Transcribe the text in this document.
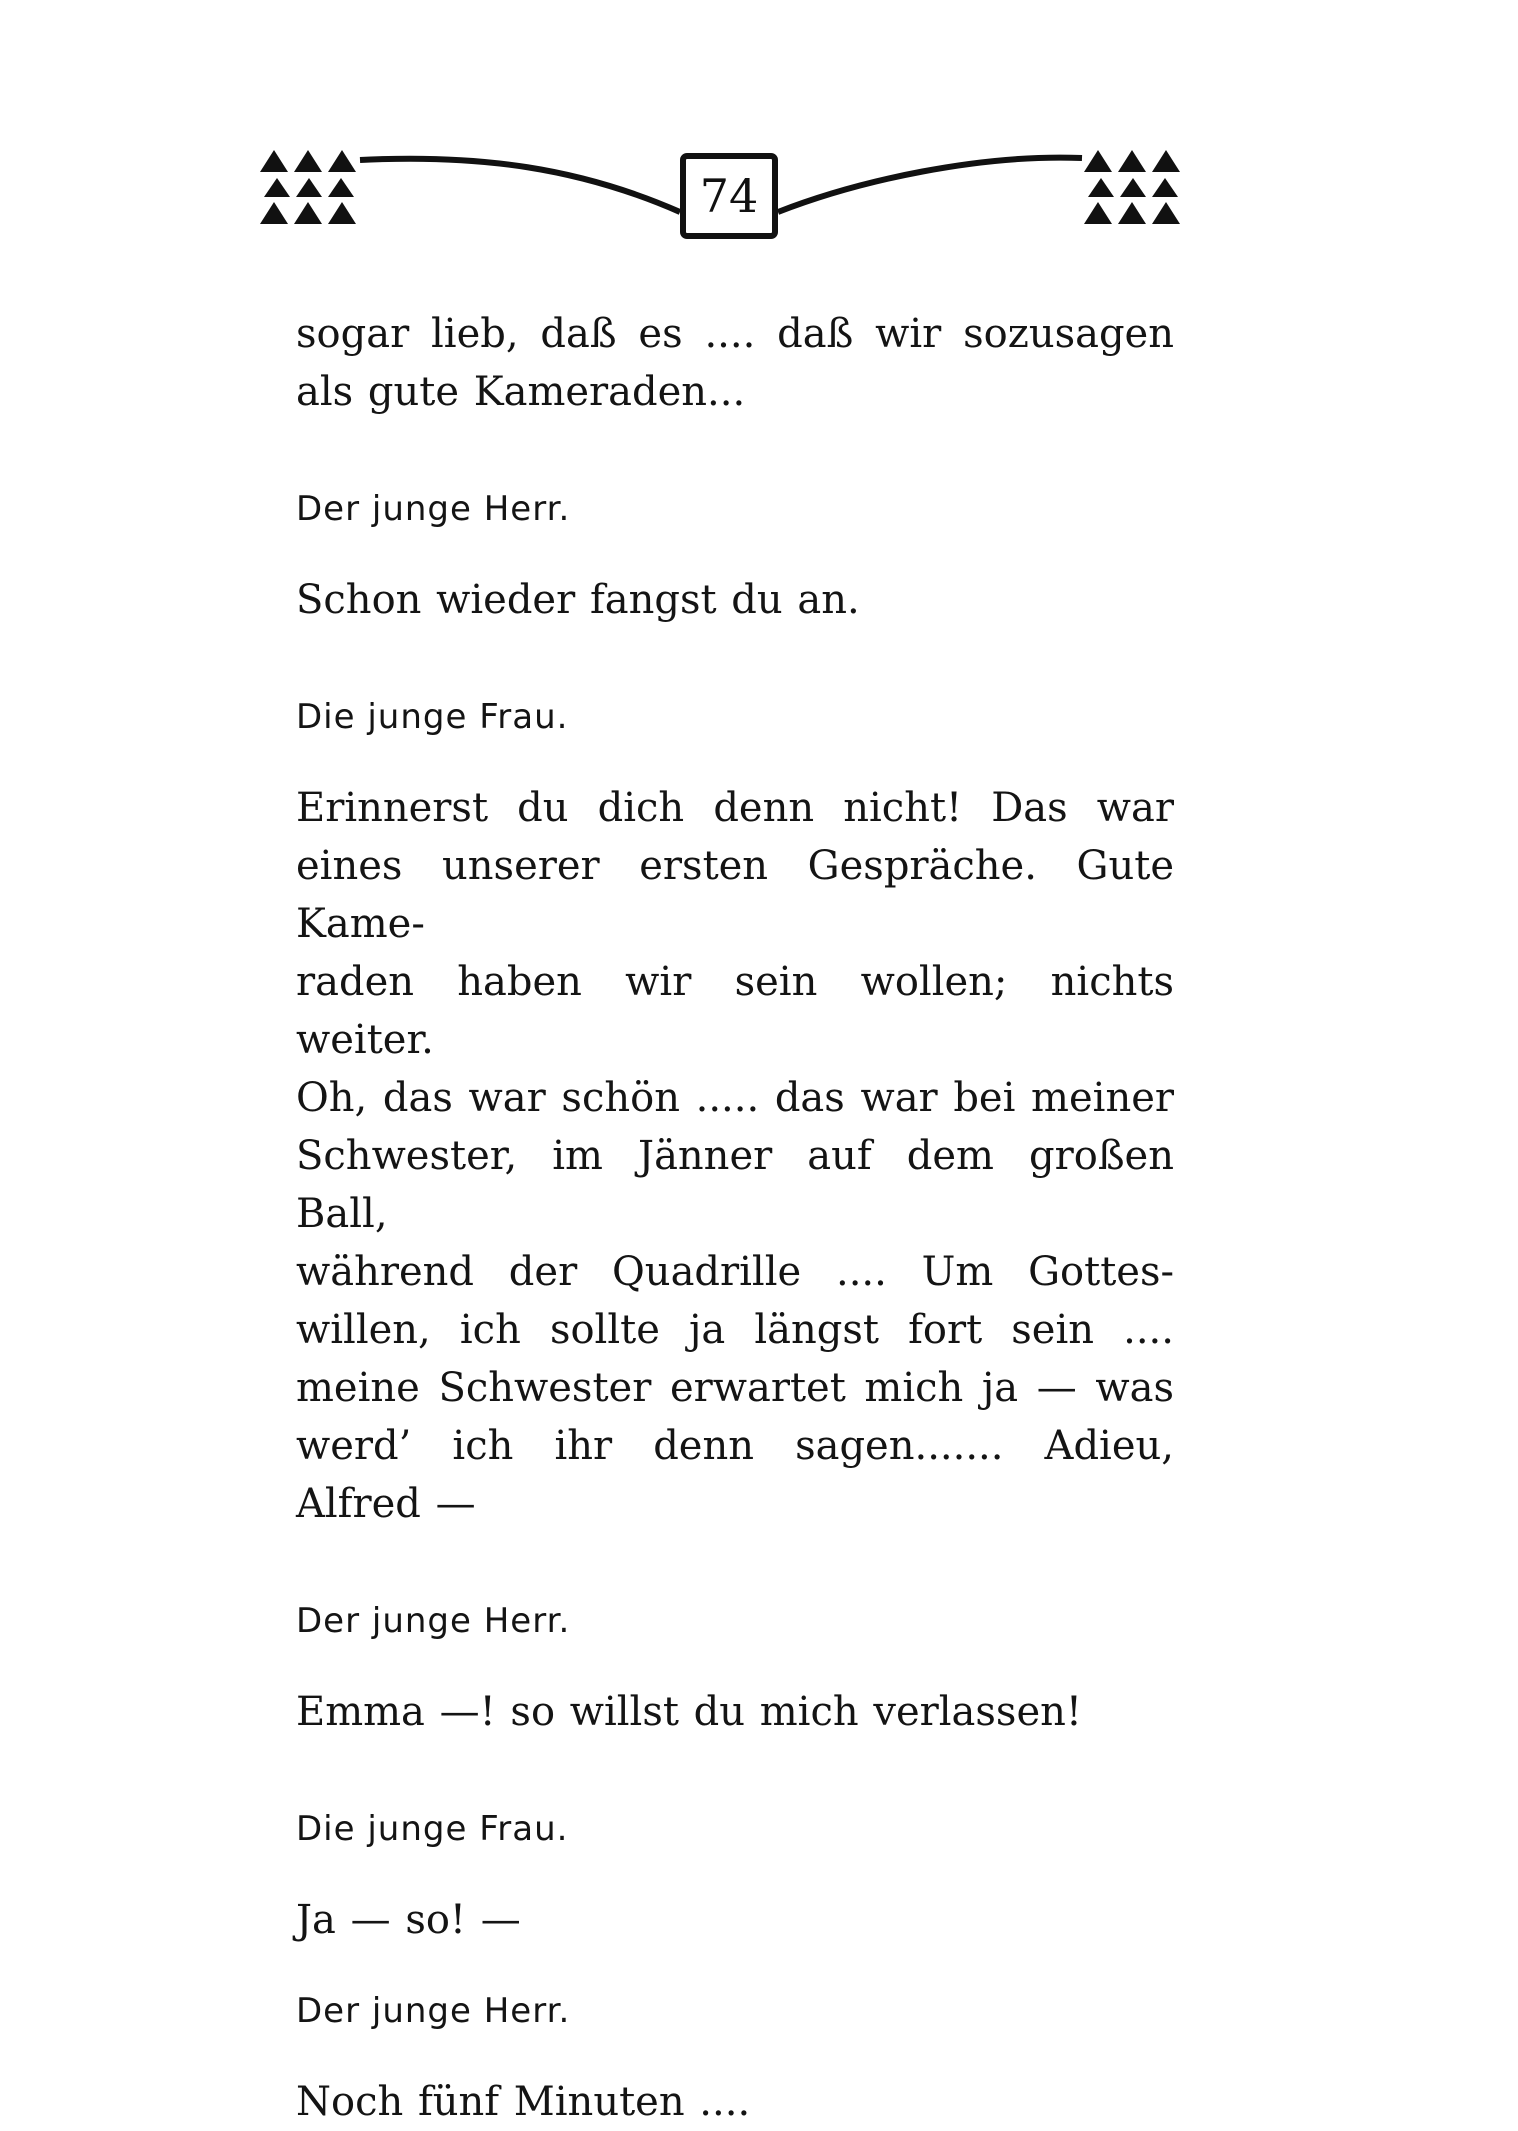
74
sogar lieb, daß es .... daß wir sozusagen
als gute Kameraden...
Der junge Herr.
Schon wieder fangst du an.
Die junge Frau.
Erinnerst du dich denn nicht! Das war
eines unserer ersten Gespräche. Gute Kame-
raden haben wir sein wollen; nichts weiter.
Oh, das war schön ..... das war bei meiner
Schwester, im Jänner auf dem großen Ball,
während der Quadrille .... Um Gottes-
willen, ich sollte ja längst fort sein ....
meine Schwester erwartet mich ja — was
werd’ ich ihr denn sagen....... Adieu,
Alfred —
Der junge Herr.
Emma —! so willst du mich verlassen!
Die junge Frau.
Ja — so! —
Der junge Herr.
Noch fünf Minuten ....
